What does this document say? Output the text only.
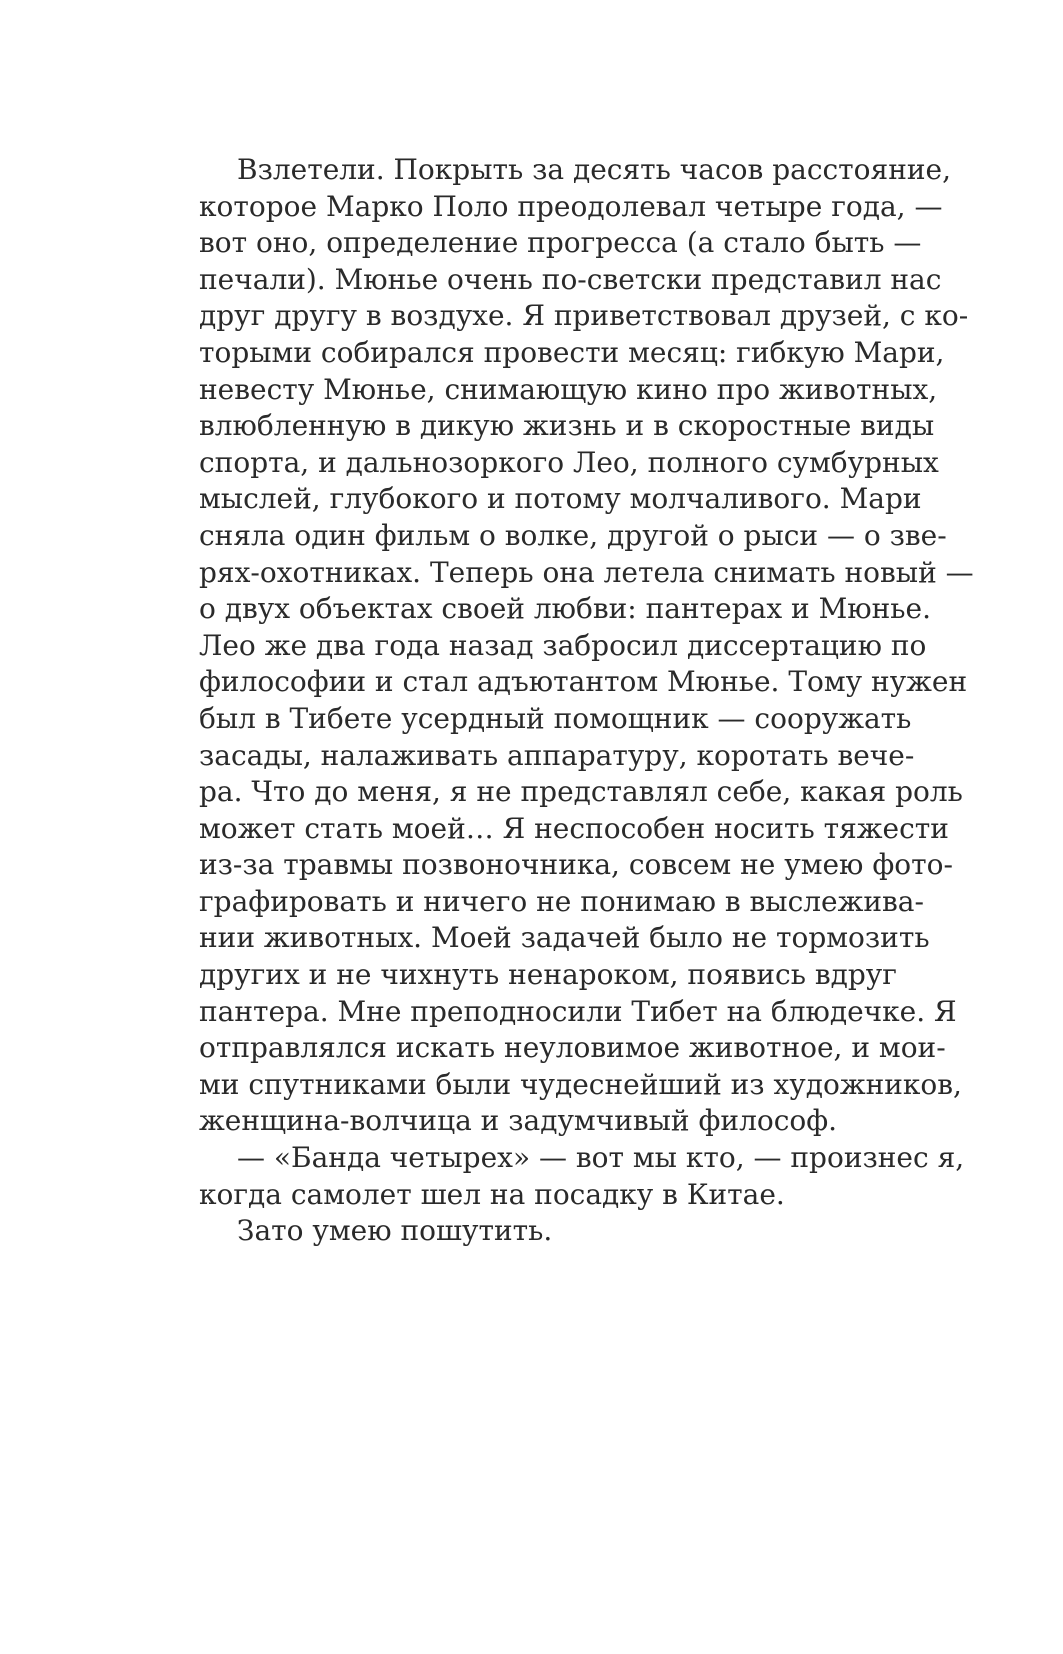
Взлетели. Покрыть за десять часов расстояние,
которое Марко Поло преодолевал четыре года, —
вот оно, определение прогресса (а стало быть —
печали). Мюнье очень по-светски представил нас
друг другу в воздухе. Я приветствовал друзей, с ко-
торыми собирался провести месяц: гибкую Мари,
невесту Мюнье, снимающую кино про животных,
влюбленную в дикую жизнь и в скоростные виды
спорта, и дальнозоркого Лео, полного сумбурных
мыслей, глубокого и потому молчаливого. Мари
сняла один фильм о волке, другой о рыси — о зве-
рях-охотниках. Теперь она летела снимать новый —
о двух объектах своей любви: пантерах и Мюнье.
Лео же два года назад забросил диссертацию по
философии и стал адъютантом Мюнье. Тому нужен
был в Тибете усердный помощник — сооружать
засады, налаживать аппаратуру, коротать вече-
ра. Что до меня, я не представлял себе, какая роль
может стать моей… Я неспособен носить тяжести
из-за травмы позвоночника, совсем не умею фото-
графировать и ничего не понимаю в выслежива-
нии животных. Моей задачей было не тормозить
других и не чихнуть ненароком, появись вдруг
пантера. Мне преподносили Тибет на блюдечке. Я
отправлялся искать неуловимое животное, и мои-
ми спутниками были чудеснейший из художников,
женщина-волчица и задумчивый философ.
— «Банда четырех» — вот мы кто, — произнес я,
когда самолет шел на посадку в Китае.
Зато умею пошутить.
